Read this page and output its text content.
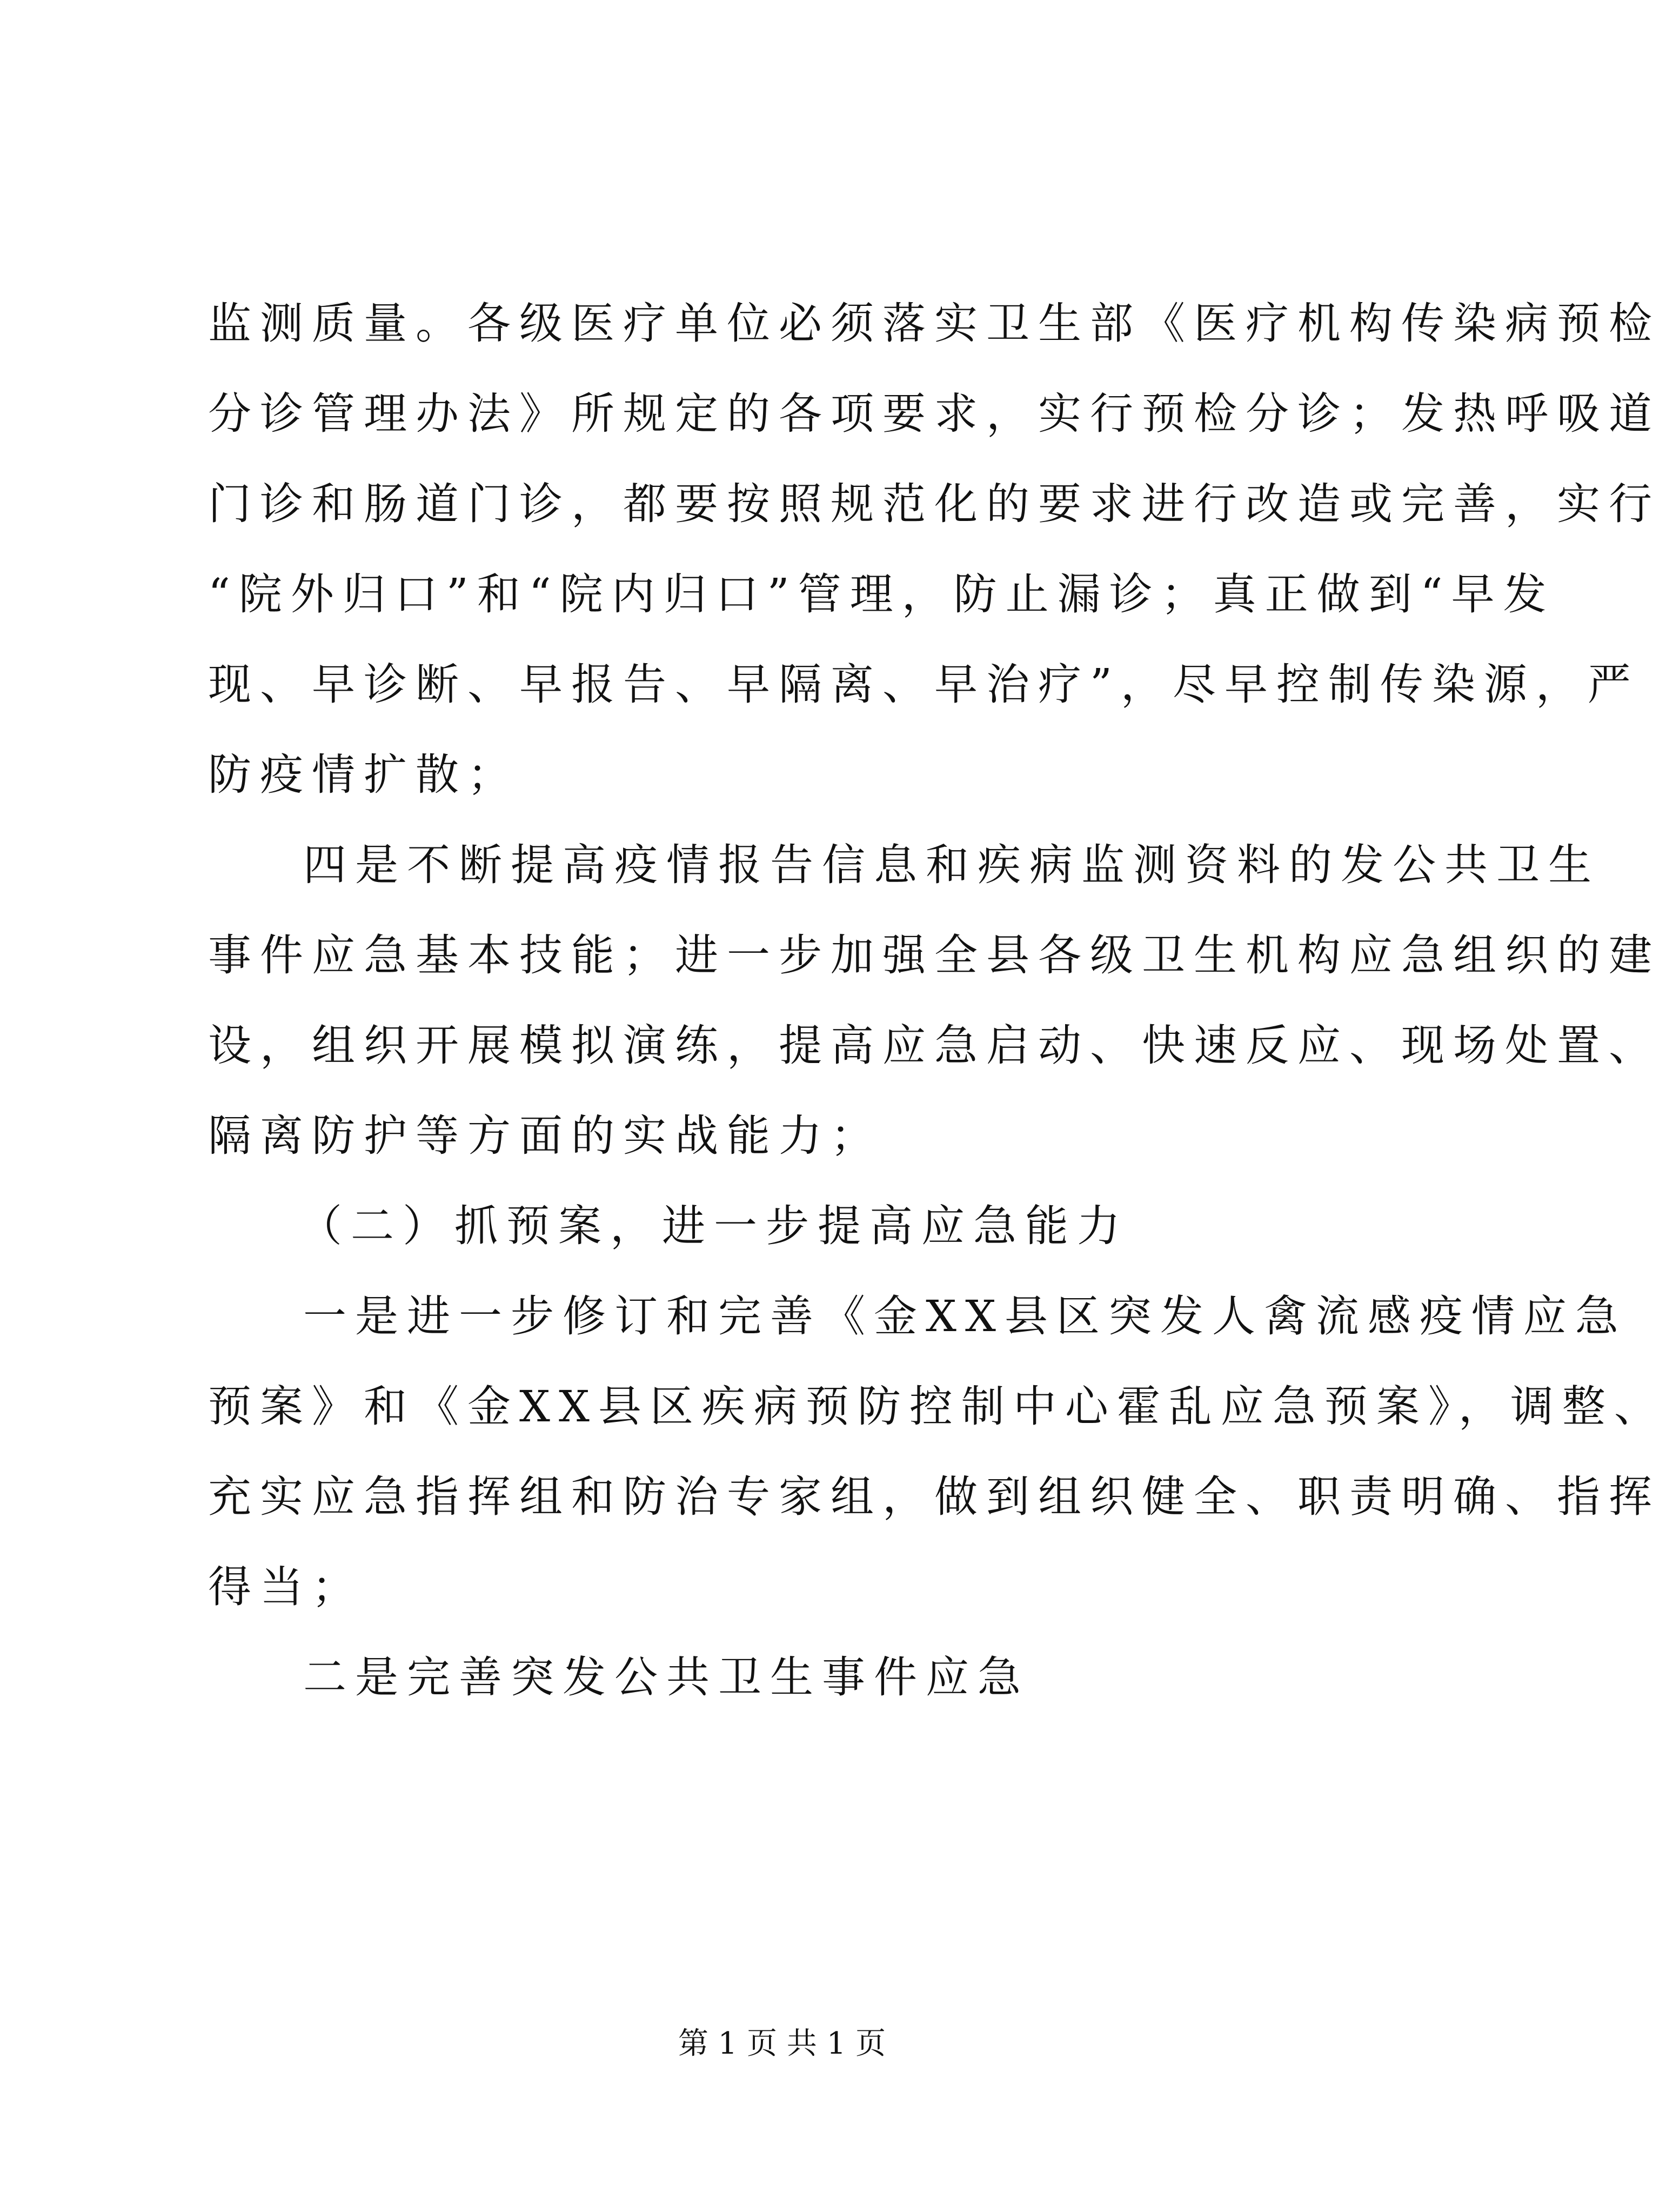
监测质量。各级医疗单位必须落实卫生部《医疗机构传染病预检
分诊管理办法》所规定的各项要求，实行预检分诊；发热呼吸道
门诊和肠道门诊，都要按照规范化的要求进行改造或完善，实行
“院外归口”和“院内归口”管理，防止漏诊；真正做到“早发
现、早诊断、早报告、早隔离、早治疗”，尽早控制传染源，严
防疫情扩散；
四是不断提高疫情报告信息和疾病监测资料的发公共卫生
事件应急基本技能；进一步加强全县各级卫生机构应急组织的建
设，组织开展模拟演练，提高应急启动、快速反应、现场处置、
隔离防护等方面的实战能力；
（二）抓预案，进一步提高应急能力
一是进一步修订和完善《金XX县区突发人禽流感疫情应急
预案》和《金XX县区疾病预防控制中心霍乱应急预案》，调整、
充实应急指挥组和防治专家组，做到组织健全、职责明确、指挥
得当；
二是完善突发公共卫生事件应急
第 1 页 共 1 页
